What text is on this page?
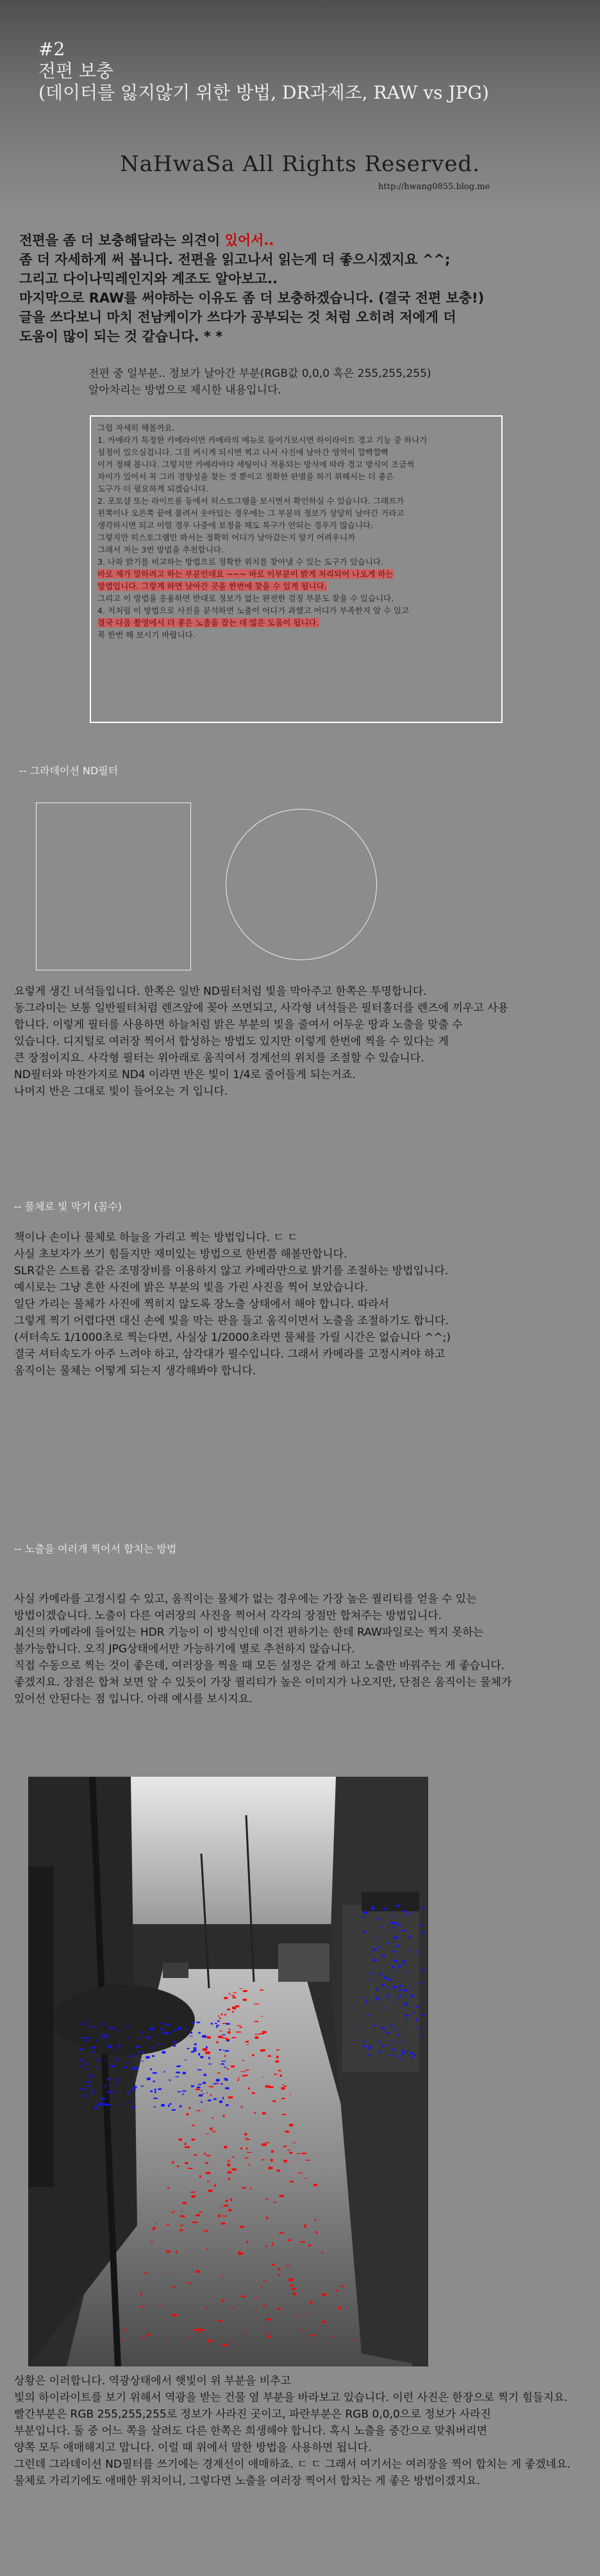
#2
전편 보충
(데이터를 잃지않기 위한 방법, DR과제조, RAW vs JPG)
NaHwaSa All Rights Reserved.
http://hwang0855.blog.me
전편을 좀 더 보충해달라는 의견이 있어서..
좀 더 자세하게 써 봅니다. 전편을 읽고나서 읽는게 더 좋으시겠지요 ^^;
그리고 다이나믹레인지와 계조도 알아보고..
마지막으로 RAW를 써야하는 이유도 좀 더 보충하겠습니다. (결국 전편 보충!)
글을 쓰다보니 마치 전남케이가 쓰다가 공부되는 것 처럼 오히려 저에게 더
도움이 많이 되는 것 같습니다. * *
전편 중 일부분.. 정보가 날아간 부분(RGB값 0,0,0 혹은 255,255,255)
알아차리는 방법으로 제시한 내용입니다.
그럼 자세히 해볼까요.
1. 카메라가 특정한 카메라이면 카메라의 메뉴로 들어가보시면 하이라이트 경고 기능 중 하나가
설정이 있으실겁니다. 그걸 켜시게 되시면 찍고 나서 사진에 날아간 영역이 깜빡깜빡
이거 정해 봅니다. 그렇지만 카메라마다 세팅이나 적용되는 방식에 따라 경고 방식이 조금씩
차이가 있어서 꼭 그러 경향성을 찾는 것 뿐이고 정확한 판별을 하기 위해서는 더 좋은
도구가 더 필요하게 되겠습니다.
2. 포토샵 또는 라이트룸 등에서 히스토그램을 보시면서 확인하실 수 있습니다. 그래프가
왼쪽이나 오른쪽 끝에 몰려서 솟아있는 경우에는 그 부분의 정보가 상당히 날아간 거라고
생각하시면 되고 이럴 경우 나중에 보정을 해도 복구가 안되는 경우가 많습니다.
그렇지만 히스토그램만 봐서는 정확히 어디가 날아갔는지 알기 어려우니까
그래서 저는 3번 방법을 추천합니다.
3. 나와 밝기를 비교하는 방법으로 정확한 위치를 찾아낼 수 있는 도구가 있습니다.
바로 제가 말하려고 하는 부분인데요 ~~~ 바로 이부분이 밝게 처리되어 나오게 하는
방법입니다. 그렇게 하면 날아간 곳을 한번에 찾을 수 있게 됩니다.
그리고 이 방법을 응용하면 반대로 정보가 없는 완전한 검정 부분도 찾을 수 있습니다.
4. 저처럼 이 방법으로 사진을 분석하면 노출이 어디가 과했고 어디가 부족한지 알 수 있고
결국 다음 촬영에서 더 좋은 노출을 잡는 데 많은 도움이 됩니다.
꼭 한번 해 보시기 바랍니다.
-- 그라데이션 ND필터
요렇게 생긴 녀석들입니다. 한쪽은 일반 ND필터처럼 빛을 막아주고 한쪽은 투명합니다.
동그라미는 보통 일반필터처럼 렌즈앞에 꽂아 쓰면되고, 사각형 녀석들은 필터홀더를 렌즈에 끼우고 사용
합니다. 이렇게 필터를 사용하면 하늘처럼 밝은 부분의 빛을 줄여서 어두운 땅과 노출을 맞출 수
있습니다. 디지털로 여러장 찍어서 합성하는 방법도 있지만 이렇게 한번에 찍을 수 있다는 게
큰 장점이지요. 사각형 필터는 위아래로 움직여서 경계선의 위치를 조절할 수 있습니다.
ND필터와 마찬가지로 ND4 이라면 반은 빛이 1/4로 줄어들게 되는거죠.
나머지 반은 그대로 빛이 들어오는 거 입니다.
-- 물체로 빛 막기 (꼼수)
책이나 손이나 물체로 하늘을 가리고 찍는 방법입니다. ㄷ ㄷ
사실 초보자가 쓰기 힘들지만 재미있는 방법으로 한번쯤 해볼만합니다.
SLR같은 스트롭 같은 조명장비를 이용하지 않고 카메라만으로 밝기를 조절하는 방법입니다.
예시로는 그냥 흔한 사진에 밝은 부분의 빛을 가린 사진을 찍어 보았습니다.
일단 가리는 물체가 사진에 찍히지 않도록 장노출 상태에서 해야 합니다. 따라서
그렇게 찍기 어렵다면 대신 손에 빛을 막는 판을 들고 움직이면서 노출을 조절하기도 합니다.
(셔터속도 1/1000초로 찍는다면, 사실상 1/2000초라면 물체를 가릴 시간은 없습니다 ^^;)
결국 셔터속도가 아주 느려야 하고, 삼각대가 필수입니다. 그래서 카메라를 고정시켜야 하고
움직이는 물체는 어떻게 되는지 생각해봐야 합니다.
-- 노출을 여러개 찍어서 합치는 방법
사실 카메라를 고정시킬 수 있고, 움직이는 물체가 없는 경우에는 가장 높은 퀄리티를 얻을 수 있는
방법이겠습니다. 노출이 다른 여러장의 사진을 찍어서 각각의 장점만 합쳐주는 방법입니다.
최신의 카메라에 들어있는 HDR 기능이 이 방식인데 이건 편하기는 한데 RAW파일로는 찍지 못하는
불가능합니다. 오직 JPG상태에서만 가능하기에 별로 추천하지 않습니다.
직접 수동으로 찍는 것이 좋은데, 여러장을 찍을 때 모든 설정은 같게 하고 노출만 바꿔주는 게 좋습니다.
좋겠지요. 장점은 합쳐 보면 알 수 있듯이 가장 퀄리티가 높은 이미지가 나오지만, 단점은 움직이는 물체가
있어선 안된다는 점 입니다. 아래 예시를 보시지요.
상황은 이러합니다. 역광상태에서 햇빛이 위 부분을 비추고
빛의 하이라이트를 보기 위해서 역광을 받는 건물 옆 부분을 바라보고 있습니다. 이런 사진은 한장으로 찍기 힘들지요.
빨간부분은 RGB 255,255,255로 정보가 사라진 곳이고, 파란부분은 RGB 0,0,0으로 정보가 사라진
부분입니다. 둘 중 어느 쪽을 살려도 다른 한쪽은 희생해야 합니다. 혹시 노출을 중간으로 맞춰버리면
양쪽 모두 애매해지고 맙니다. 이럴 때 위에서 말한 방법을 사용하면 됩니다.
그런데 그라데이션 ND필터를 쓰기에는 경계선이 애매하죠. ㄷ ㄷ 그래서 여기서는 여러장을 찍어 합치는 게 좋겠네요.
물체로 가리기에도 애매한 위치이니, 그렇다면 노출을 여러장 찍어서 합치는 게 좋은 방법이겠지요.
